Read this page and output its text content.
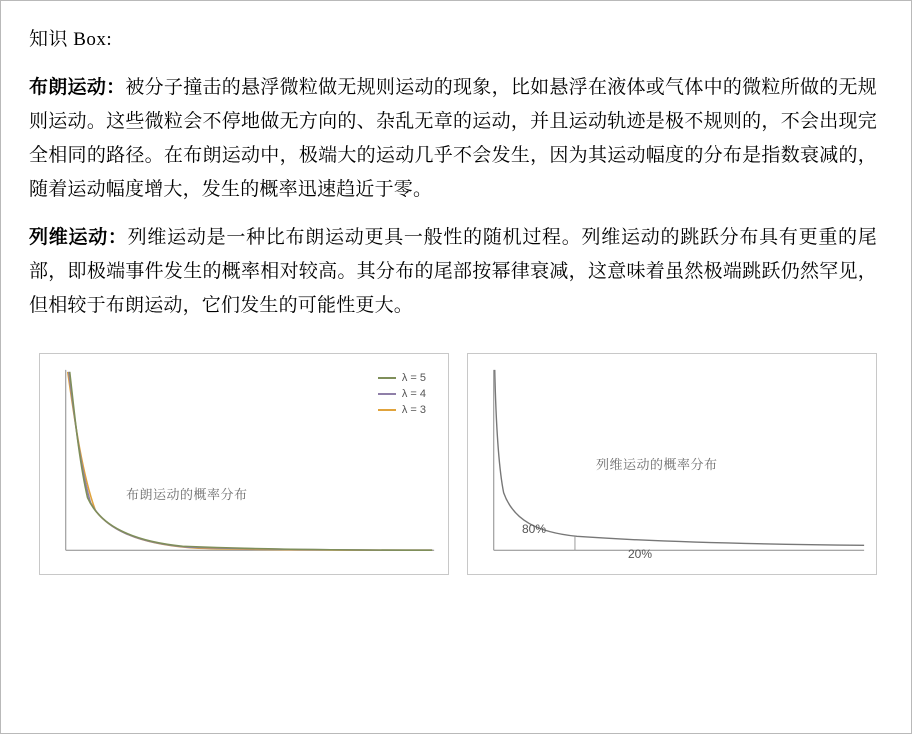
知识 Box:

布朗运动：被分子撞击的悬浮微粒做无规则运动的现象，比如悬浮在液体或气体中的微粒所做的无规则运动。这些微粒会不停地做无方向的、杂乱无章的运动，并且运动轨迹是极不规则的，不会出现完全相同的路径。在布朗运动中，极端大的运动几乎不会发生，因为其运动幅度的分布是指数衰减的，随着运动幅度增大，发生的概率迅速趋近于零。

列维运动：列维运动是一种比布朗运动更具一般性的随机过程。列维运动的跳跃分布具有更重的尾部，即极端事件发生的概率相对较高。其分布的尾部按幂律衰减，这意味着虽然极端跳跃仍然罕见，但相较于布朗运动，它们发生的可能性更大。

λ = 5
λ = 4
λ = 3
布朗运动的概率分布
80%
20%
列维运动的概率分布
